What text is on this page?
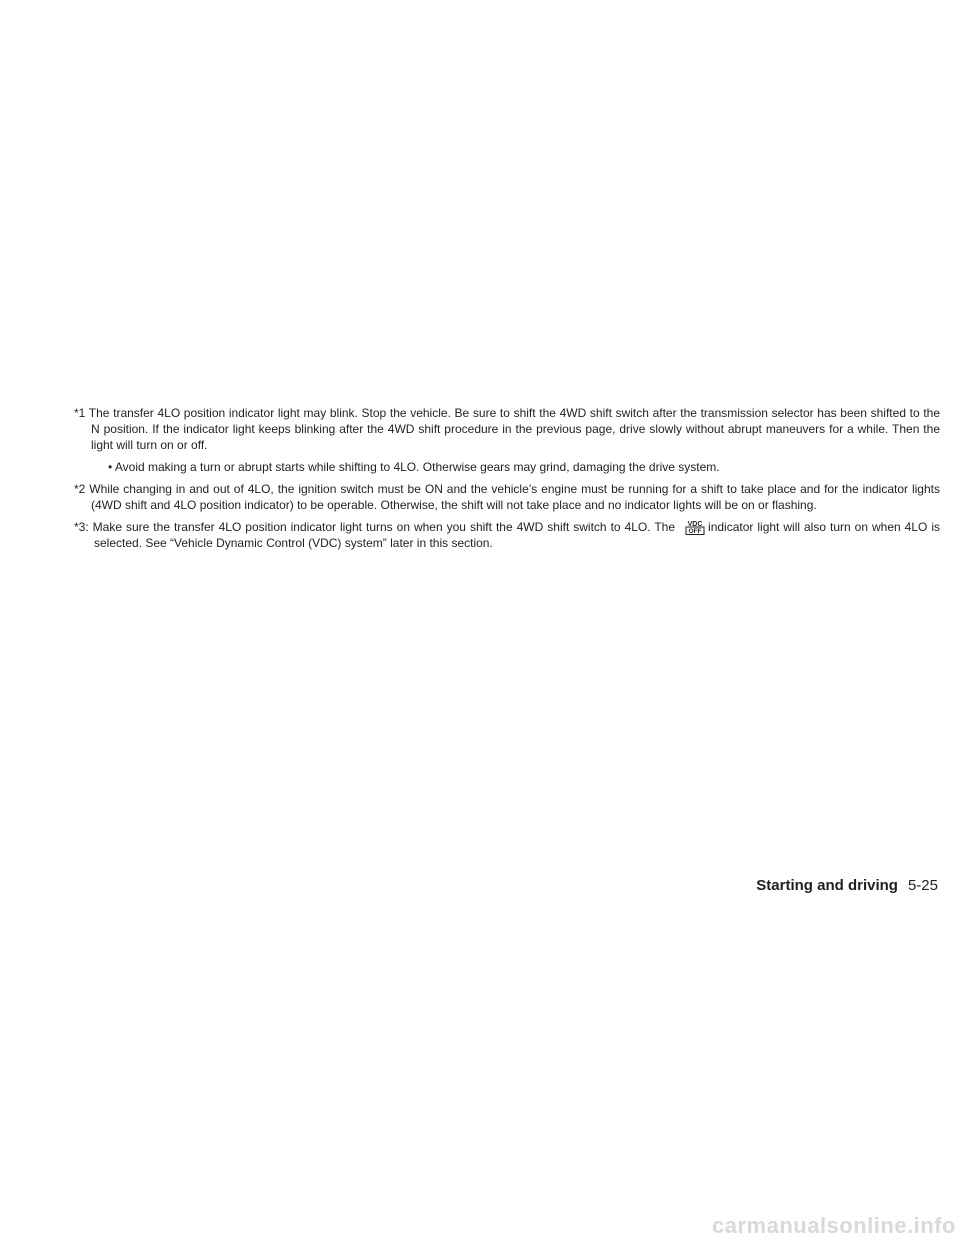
*1 The transfer 4LO position indicator light may blink. Stop the vehicle. Be sure to shift the 4WD shift switch after the transmission selector has been shifted to the N position. If the indicator light keeps blinking after the 4WD shift procedure in the previous page, drive slowly without abrupt maneuvers for a while. Then the light will turn on or off.
• Avoid making a turn or abrupt starts while shifting to 4LO. Otherwise gears may grind, damaging the drive system.
*2 While changing in and out of 4LO, the ignition switch must be ON and the vehicle’s engine must be running for a shift to take place and for the indicator lights (4WD shift and 4LO position indicator) to be operable. Otherwise, the shift will not take place and no indicator lights will be on or flashing.
*3: Make sure the transfer 4LO position indicator light turns on when you shift the 4WD shift switch to 4LO. The VDC
OFF indicator light will also turn on when 4LO is selected. See “Vehicle Dynamic Control (VDC) system” later in this section.
Starting and driving 5-25
carmanualsonline.info
